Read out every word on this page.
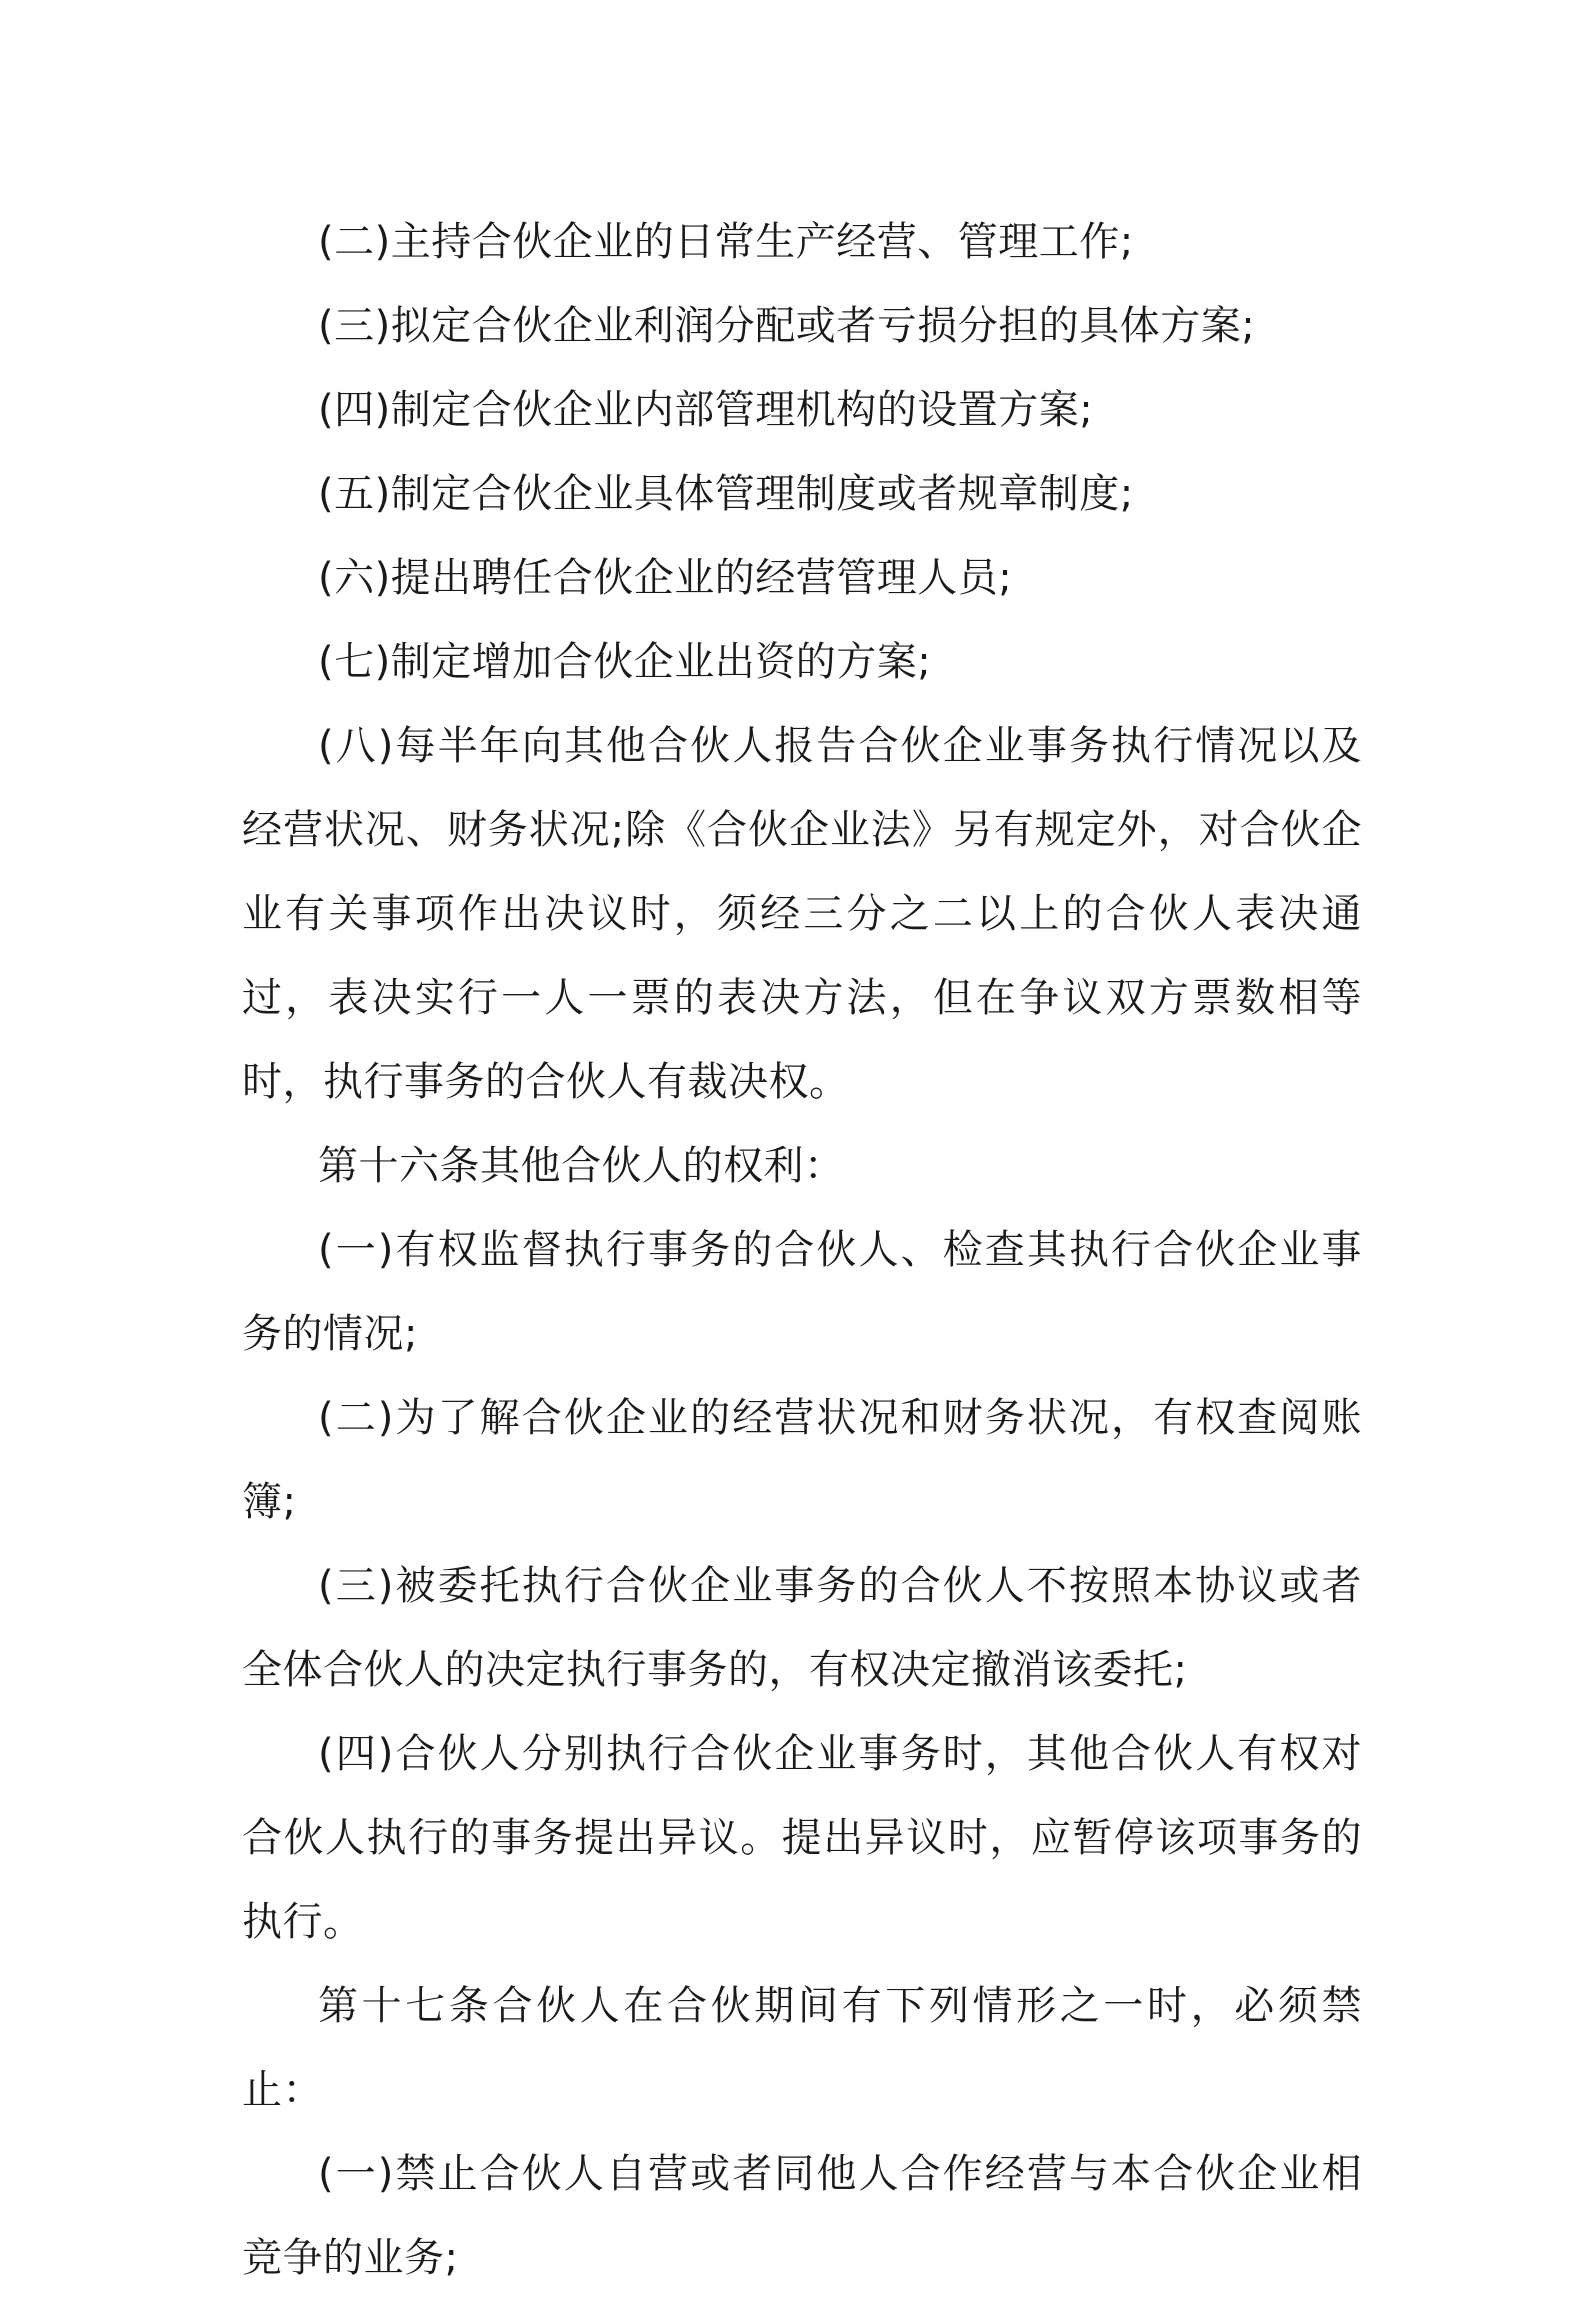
(二)主持合伙企业的日常生产经营、管理工作;

(三)拟定合伙企业利润分配或者亏损分担的具体方案;

(四)制定合伙企业内部管理机构的设置方案;

(五)制定合伙企业具体管理制度或者规章制度;

(六)提出聘任合伙企业的经营管理人员;

(七)制定增加合伙企业出资的方案;

(八)每半年向其他合伙人报告合伙企业事务执行情况以及经营状况、财务状况;除《合伙企业法》另有规定外，对合伙企业有关事项作出决议时，须经三分之二以上的合伙人表决通过，表决实行一人一票的表决方法，但在争议双方票数相等时，执行事务的合伙人有裁决权。

第十六条其他合伙人的权利：

(一)有权监督执行事务的合伙人、检查其执行合伙企业事务的情况;

(二)为了解合伙企业的经营状况和财务状况，有权查阅账簿;

(三)被委托执行合伙企业事务的合伙人不按照本协议或者全体合伙人的决定执行事务的，有权决定撤消该委托;

(四)合伙人分别执行合伙企业事务时，其他合伙人有权对合伙人执行的事务提出异议。提出异议时，应暂停该项事务的执行。

第十七条合伙人在合伙期间有下列情形之一时，必须禁止：

(一)禁止合伙人自营或者同他人合作经营与本合伙企业相竞争的业务;
